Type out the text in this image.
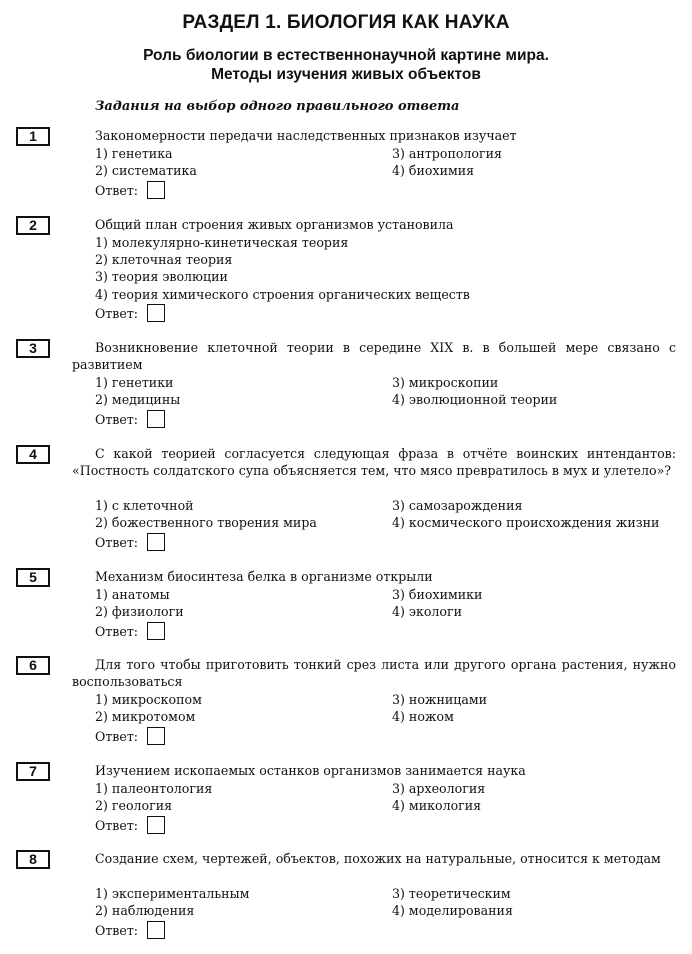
РАЗДЕЛ 1. БИОЛОГИЯ КАК НАУКА
Роль биологии в естественнонаучной картине мира.
Методы изучения живых объектов
Задания на выбор одного правильного ответа
1	Закономерности передачи наследственных признаков изучает

1) генетика	3) антропология
2) систематика	4) биохимия
Ответ:
2	Общий план строения живых организмов установила

1) молекулярно-кинетическая теория
2) клеточная теория
3) теория эволюции
4) теория химического строения органических веществ
Ответ:
3	Возникновение клеточной теории в середине XIX в. в большей мере связано с развитием

1) генетики	3) микроскопии
2) медицины	4) эволюционной теории
Ответ:
4	С какой теорией согласуется следующая фраза в отчёте воинских интендантов: «Постность солдатского супа объясняется тем, что мясо превратилось в мух и улетело»?

1) с клеточной	3) самозарождения
2) божественного творения мира	4) космического происхождения жизни
Ответ:
5	Механизм биосинтеза белка в организме открыли

1) анатомы	3) биохимики
2) физиологи	4) экологи
Ответ:
6	Для того чтобы приготовить тонкий срез листа или другого органа растения, нужно воспользоваться

1) микроскопом	3) ножницами
2) микротомом	4) ножом
Ответ:
7	Изучением ископаемых останков организмов занимается наука

1) палеонтология	3) археология
2) геология	4) микология
Ответ:
8	Создание схем, чертежей, объектов, похожих на натуральные, относится к методам

1) экспериментальным	3) теоретическим
2) наблюдения	4) моделирования
Ответ:
